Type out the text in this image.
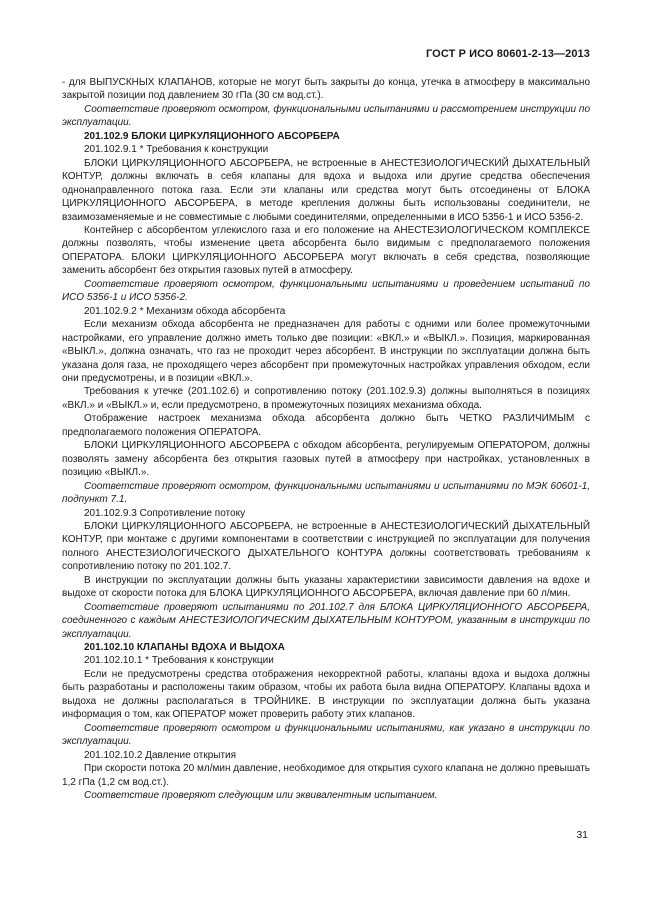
ГОСТ Р ИСО 80601-2-13—2013

- для ВЫПУСКНЫХ КЛАПАНОВ, которые не могут быть закрыты до конца, утечка в атмосферу в максимально закрытой позиции под давлением 30 гПа (30 см вод.ст.).

Соответствие проверяют осмотром, функциональными испытаниями и рассмотрением инструкции по эксплуатации.

201.102.9 БЛОКИ ЦИРКУЛЯЦИОННОГО АБСОРБЕРА

201.102.9.1 * Требования к конструкции

БЛОКИ ЦИРКУЛЯЦИОННОГО АБСОРБЕРА, не встроенные в АНЕСТЕЗИОЛОГИЧЕСКИЙ ДЫХАТЕЛЬНЫЙ КОНТУР, должны включать в себя клапаны для вдоха и выдоха или другие средства обеспечения однонаправленного потока газа. Если эти клапаны или средства могут быть отсоединены от БЛОКА ЦИРКУЛЯЦИОННОГО АБСОРБЕРА, в методе крепления должны быть использованы соединители, не взаимозаменяемые и не совместимые с любыми соединителями, определенными в ИСО 5356-1 и ИСО 5356-2.

Контейнер с абсорбентом углекислого газа и его положение на АНЕСТЕЗИОЛОГИЧЕСКОМ КОМПЛЕКСЕ должны позволять, чтобы изменение цвета абсорбента было видимым с предполагаемого положения ОПЕРАТОРА. БЛОКИ ЦИРКУЛЯЦИОННОГО АБСОРБЕРА могут включать в себя средства, позволяющие заменить абсорбент без открытия газовых путей в атмосферу.

Соответствие проверяют осмотром, функциональными испытаниями и проведением испытаний по ИСО 5356-1 и ИСО 5356-2.

201.102.9.2 * Механизм обхода абсорбента

Если механизм обхода абсорбента не предназначен для работы с одними или более промежуточными настройками, его управление должно иметь только две позиции: «ВКЛ.» и «ВЫКЛ.». Позиция, маркированная «ВЫКЛ.», должна означать, что газ не проходит через абсорбент. В инструкции по эксплуатации должна быть указана доля газа, не проходящего через абсорбент при промежуточных настройках управления обходом, если они предусмотрены, и в позиции «ВКЛ.».

Требования к утечке (201.102.6) и сопротивлению потоку (201.102.9.3) должны выполняться в позициях «ВКЛ.» и «ВЫКЛ.» и, если предусмотрено, в промежуточных позициях механизма обхода.

Отображение настроек механизма обхода абсорбента должно быть ЧЕТКО РАЗЛИЧИМЫМ с предполагаемого положения ОПЕРАТОРА.

БЛОКИ ЦИРКУЛЯЦИОННОГО АБСОРБЕРА с обходом абсорбента, регулируемым ОПЕРАТОРОМ, должны позволять замену абсорбента без открытия газовых путей в атмосферу при настройках, установленных в позицию «ВЫКЛ.».

Соответствие проверяют осмотром, функциональными испытаниями и испытаниями по МЭК 60601-1, подпункт 7.1.

201.102.9.3 Сопротивление потоку

БЛОКИ ЦИРКУЛЯЦИОННОГО АБСОРБЕРА, не встроенные в АНЕСТЕЗИОЛОГИЧЕСКИЙ ДЫХАТЕЛЬНЫЙ КОНТУР, при монтаже с другими компонентами в соответствии с инструкцией по эксплуатации для получения полного АНЕСТЕЗИОЛОГИЧЕСКОГО ДЫХАТЕЛЬНОГО КОНТУРА должны соответствовать требованиям к сопротивлению потоку по 201.102.7.

В инструкции по эксплуатации должны быть указаны характеристики зависимости давления на вдохе и выдохе от скорости потока для БЛОКА ЦИРКУЛЯЦИОННОГО АБСОРБЕРА, включая давление при 60 л/мин.

Соответствие проверяют испытаниями по 201.102.7 для БЛОКА ЦИРКУЛЯЦИОННОГО АБСОРБЕРА, соединенного с каждым АНЕСТЕЗИОЛОГИЧЕСКИМ ДЫХАТЕЛЬНЫМ КОНТУРОМ, указанным в инструкции по эксплуатации.

201.102.10 КЛАПАНЫ ВДОХА И ВЫДОХА

201.102.10.1 * Требования к конструкции

Если не предусмотрены средства отображения некорректной работы, клапаны вдоха и выдоха должны быть разработаны и расположены таким образом, чтобы их работа была видна ОПЕРАТОРУ. Клапаны вдоха и выдоха не должны располагаться в ТРОЙНИКЕ. В инструкции по эксплуатации должна быть указана информация о том, как ОПЕРАТОР может проверить работу этих клапанов.

Соответствие проверяют осмотром и функциональными испытаниями, как указано в инструкции по эксплуатации.

201.102.10.2 Давление открытия

При скорости потока 20 мл/мин давление, необходимое для открытия сухого клапана не должно превышать 1,2 гПа (1,2 см вод.ст.).

Соответствие проверяют следующим или эквивалентным испытанием.

31
